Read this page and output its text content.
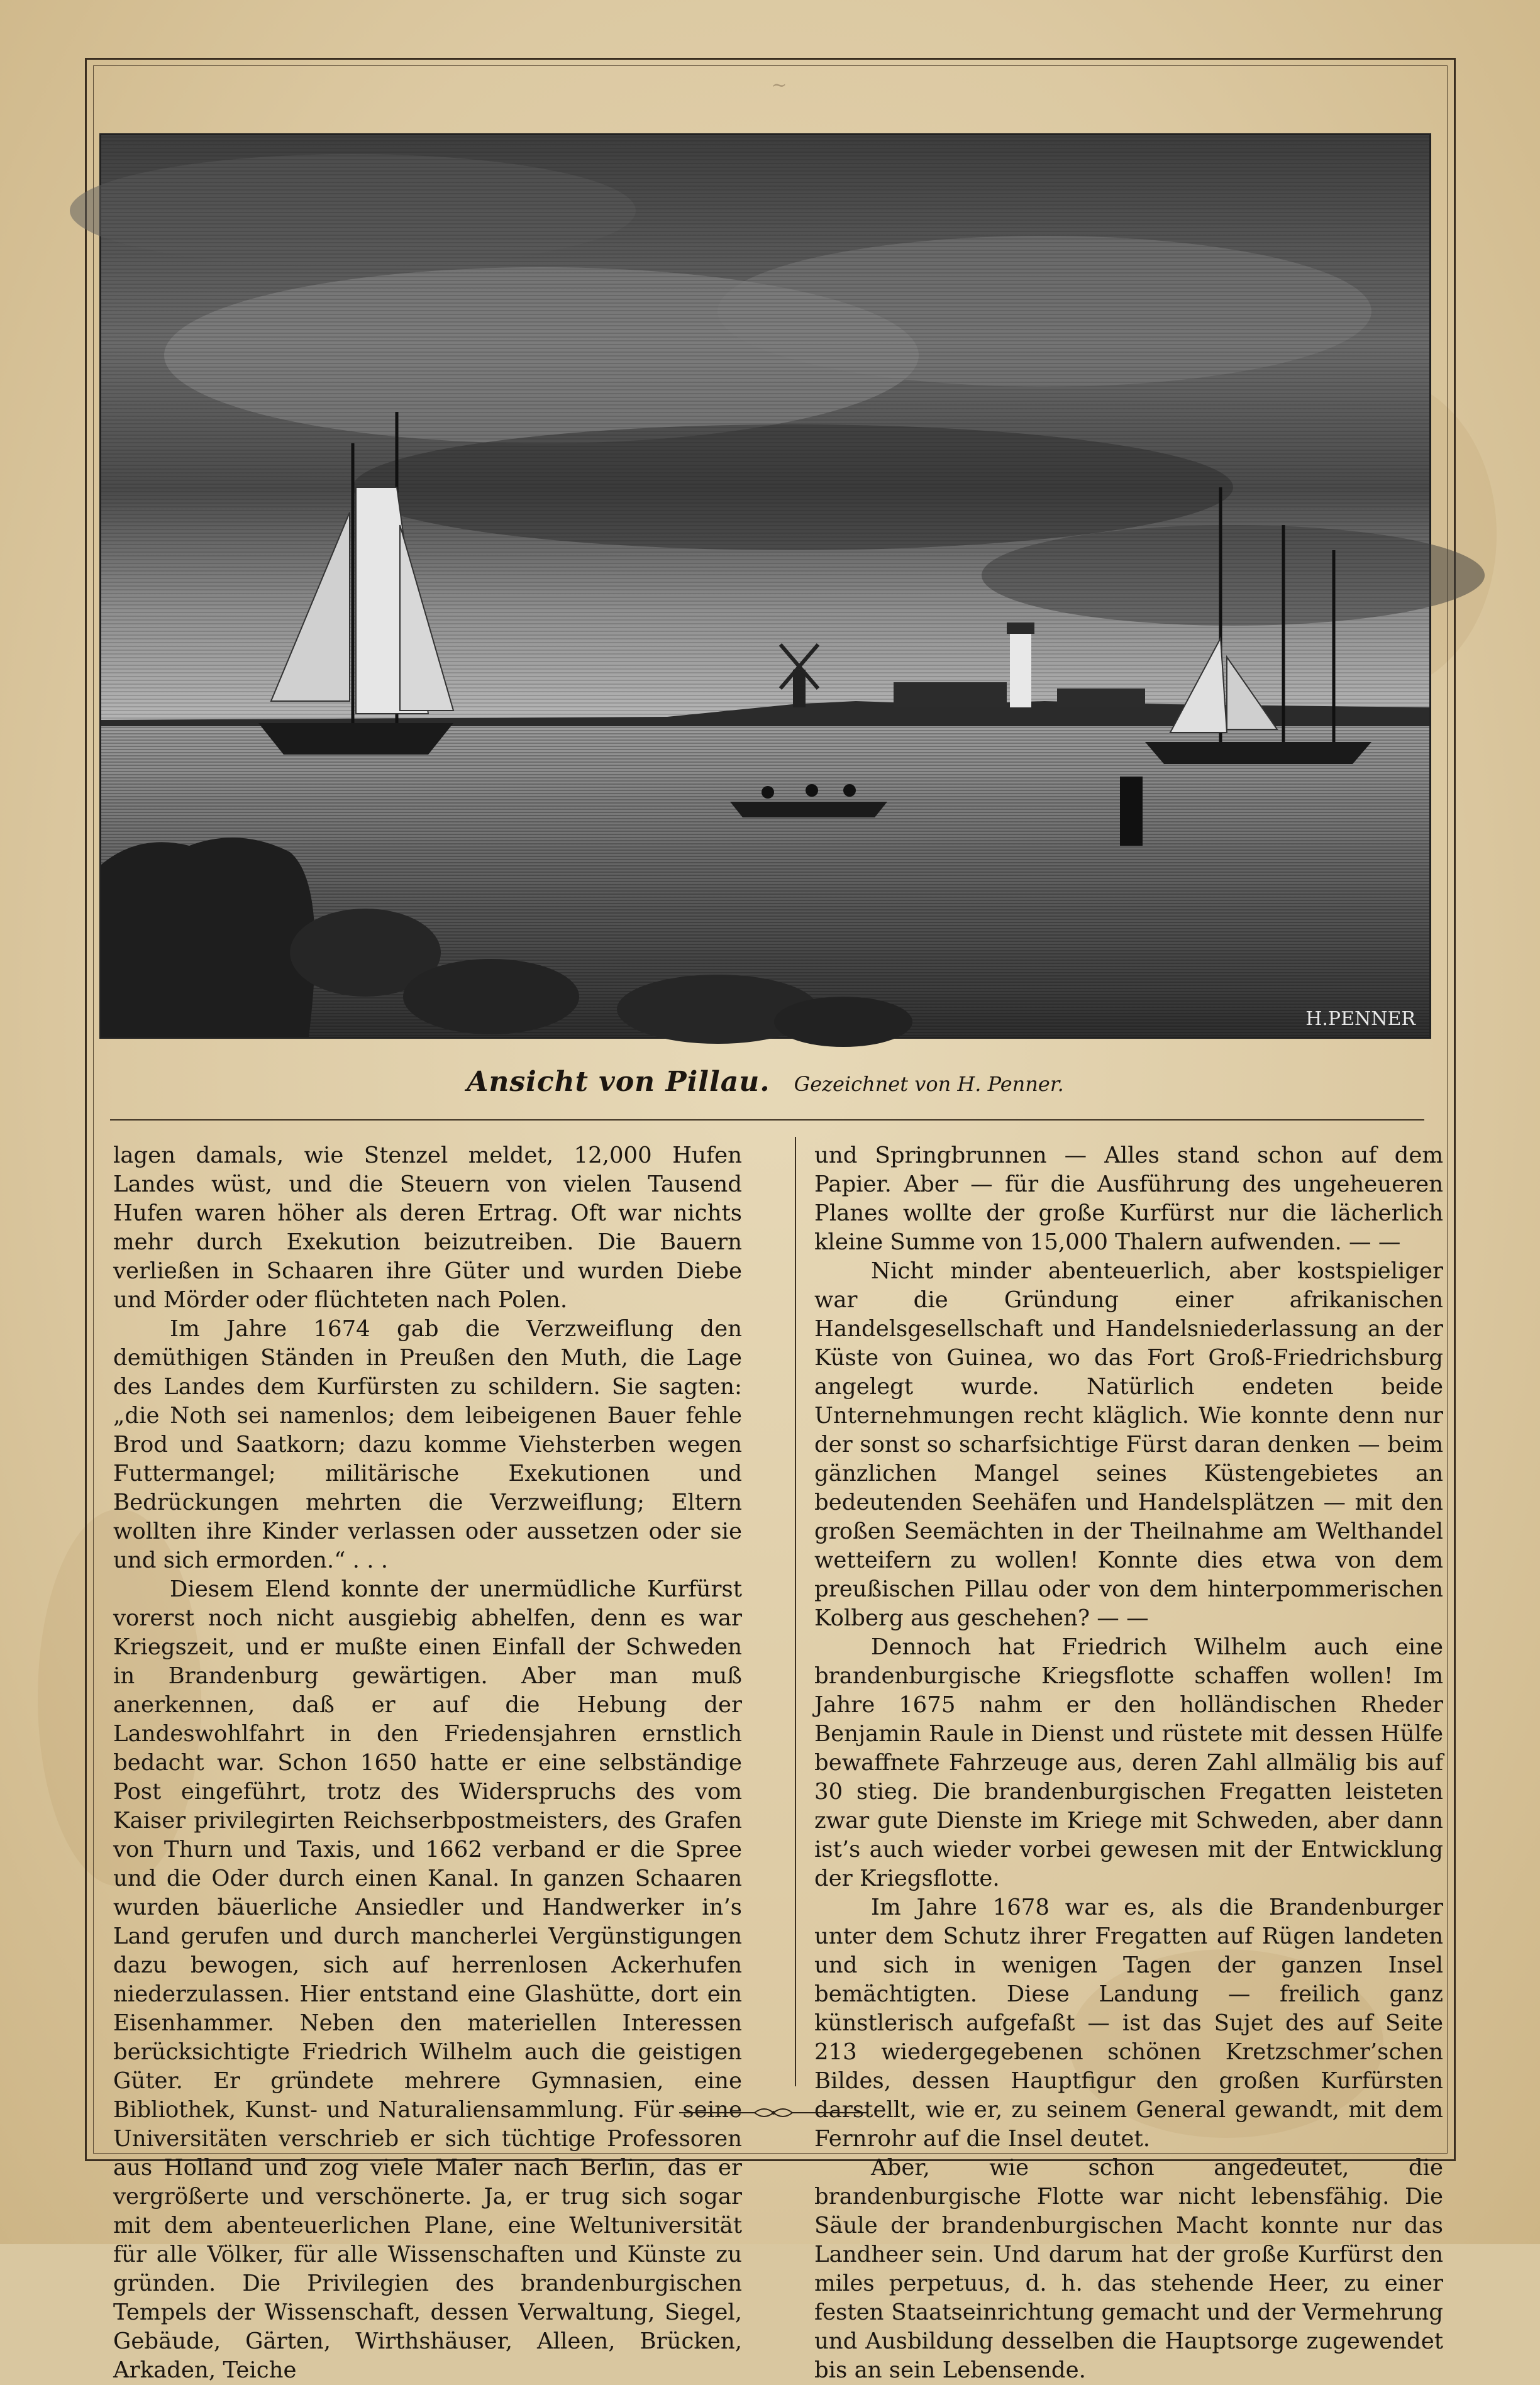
~
H.PENNER
Ansicht von Pillau. Gezeichnet von H. Penner.

lagen damals, wie Stenzel meldet, 12,000 Hufen Landes wüst, und die Steuern von vielen Tausend Hufen waren höher als deren Ertrag. Oft war nichts mehr durch Exekution beizutreiben. Die Bauern verließen in Schaaren ihre Güter und wurden Diebe und Mörder oder flüchteten nach Polen.

Im Jahre 1674 gab die Verzweiflung den demüthigen Ständen in Preußen den Muth, die Lage des Landes dem Kurfürsten zu schildern. Sie sagten: „die Noth sei namenlos; dem leibeigenen Bauer fehle Brod und Saatkorn; dazu komme Viehsterben wegen Futtermangel; militärische Exekutionen und Bedrückungen mehrten die Verzweiflung; Eltern wollten ihre Kinder verlassen oder aussetzen oder sie und sich ermorden.“ . . .

Diesem Elend konnte der unermüdliche Kurfürst vorerst noch nicht ausgiebig abhelfen, denn es war Kriegszeit, und er mußte einen Einfall der Schweden in Brandenburg gewärtigen. Aber man muß anerkennen, daß er auf die Hebung der Landeswohlfahrt in den Friedensjahren ernstlich bedacht war. Schon 1650 hatte er eine selbständige Post eingeführt, trotz des Widerspruchs des vom Kaiser privilegirten Reichserbpostmeisters, des Grafen von Thurn und Taxis, und 1662 verband er die Spree und die Oder durch einen Kanal. In ganzen Schaaren wurden bäuerliche Ansiedler und Handwerker in’s Land gerufen und durch mancherlei Vergünstigungen dazu bewogen, sich auf herrenlosen Ackerhufen niederzulassen. Hier entstand eine Glashütte, dort ein Eisenhammer. Neben den materiellen Interessen berücksichtigte Friedrich Wilhelm auch die geistigen Güter. Er gründete mehrere Gymnasien, eine Bibliothek, Kunst- und Naturaliensammlung. Für seine Universitäten verschrieb er sich tüchtige Professoren aus Holland und zog viele Maler nach Berlin, das er vergrößerte und verschönerte. Ja, er trug sich sogar mit dem abenteuerlichen Plane, eine Weltuniversität für alle Völker, für alle Wissenschaften und Künste zu gründen. Die Privilegien des brandenburgischen Tempels der Wissenschaft, dessen Verwaltung, Siegel, Gebäude, Gärten, Wirthshäuser, Alleen, Brücken, Arkaden, Teiche

und Springbrunnen — Alles stand schon auf dem Papier. Aber — für die Ausführung des ungeheueren Planes wollte der große Kurfürst nur die lächerlich kleine Summe von 15,000 Thalern aufwenden. — —

Nicht minder abenteuerlich, aber kostspieliger war die Gründung einer afrikanischen Handelsgesellschaft und Handelsniederlassung an der Küste von Guinea, wo das Fort Groß-Friedrichsburg angelegt wurde. Natürlich endeten beide Unternehmungen recht kläglich. Wie konnte denn nur der sonst so scharfsichtige Fürst daran denken — beim gänzlichen Mangel seines Küstengebietes an bedeutenden Seehäfen und Handelsplätzen — mit den großen Seemächten in der Theilnahme am Welthandel wetteifern zu wollen! Konnte dies etwa von dem preußischen Pillau oder von dem hinterpommerischen Kolberg aus geschehen? — —

Dennoch hat Friedrich Wilhelm auch eine brandenburgische Kriegsflotte schaffen wollen! Im Jahre 1675 nahm er den holländischen Rheder Benjamin Raule in Dienst und rüstete mit dessen Hülfe bewaffnete Fahrzeuge aus, deren Zahl allmälig bis auf 30 stieg. Die brandenburgischen Fregatten leisteten zwar gute Dienste im Kriege mit Schweden, aber dann ist’s auch wieder vorbei gewesen mit der Entwicklung der Kriegsflotte.

Im Jahre 1678 war es, als die Brandenburger unter dem Schutz ihrer Fregatten auf Rügen landeten und sich in wenigen Tagen der ganzen Insel bemächtigten. Diese Landung — freilich ganz künstlerisch aufgefaßt — ist das Sujet des auf Seite 213 wiedergegebenen schönen Kretzschmer’schen Bildes, dessen Hauptfigur den großen Kurfürsten darstellt, wie er, zu seinem General gewandt, mit dem Fernrohr auf die Insel deutet.

Aber, wie schon angedeutet, die brandenburgische Flotte war nicht lebensfähig. Die Säule der brandenburgischen Macht konnte nur das Landheer sein. Und darum hat der große Kurfürst den miles perpetuus, d. h. das stehende Heer, zu einer festen Staatseinrichtung gemacht und der Vermehrung und Ausbildung desselben die Hauptsorge zugewendet bis an sein Lebensende.
